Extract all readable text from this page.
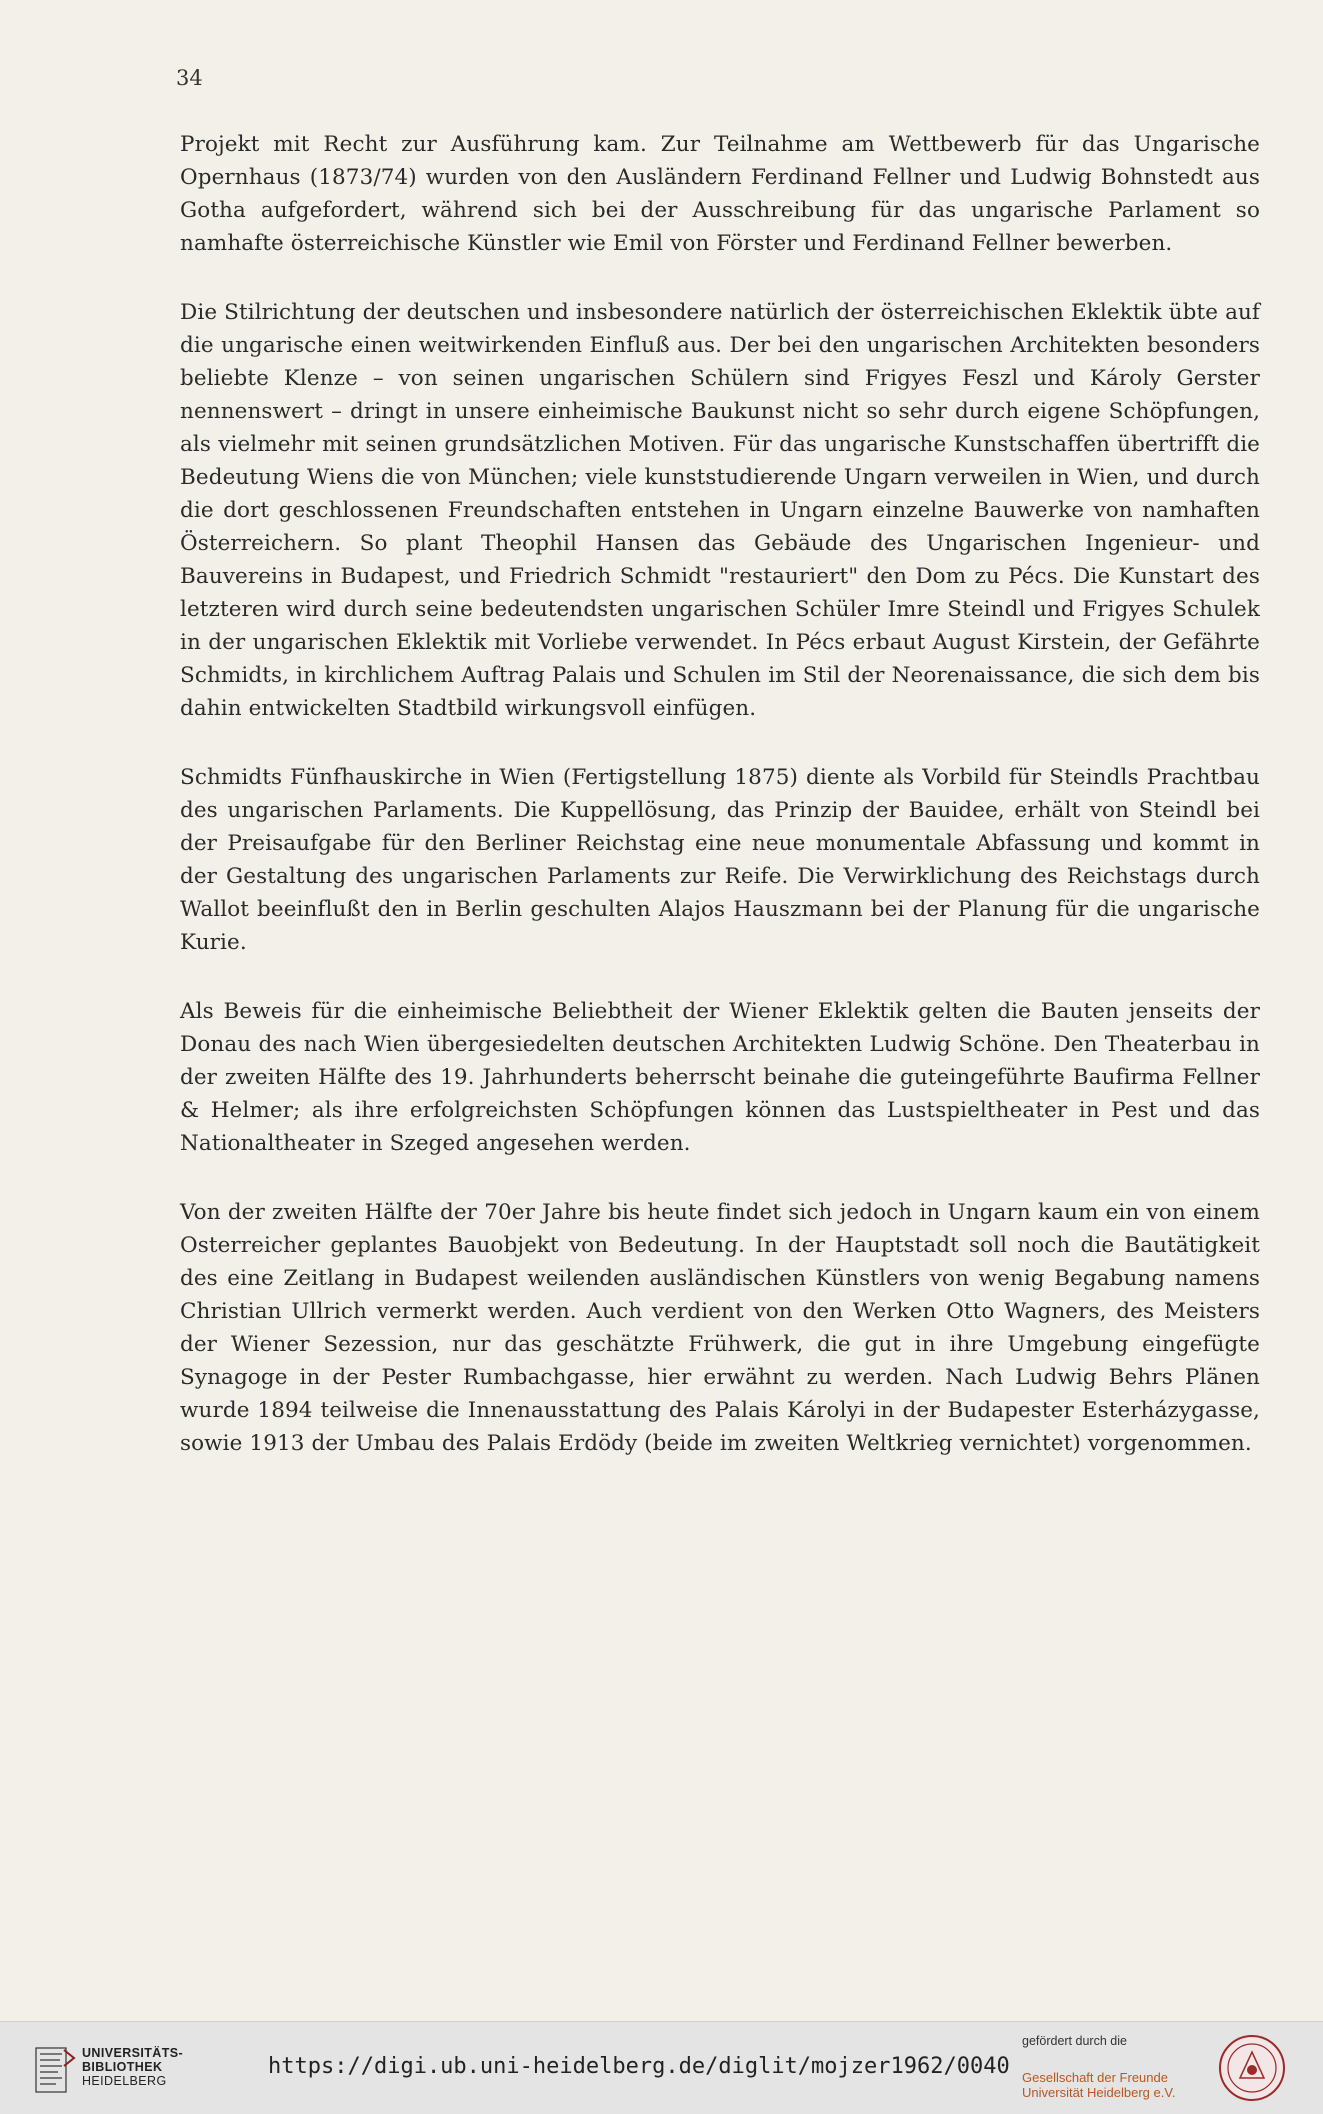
34

Projekt mit Recht zur Ausführung kam. Zur Teilnahme am Wettbewerb für das Ungarische Opernhaus (1873/74) wurden von den Ausländern Ferdinand Fellner und Ludwig Bohnstedt aus Gotha aufgefordert, während sich bei der Ausschreibung für das ungarische Parlament so namhafte österreichische Künstler wie Emil von Förster und Ferdinand Fellner bewerben.

Die Stilrichtung der deutschen und insbesondere natürlich der österreichischen Eklektik übte auf die ungarische einen weitwirkenden Einfluß aus. Der bei den ungarischen Architekten besonders beliebte Klenze – von seinen ungarischen Schülern sind Frigyes Feszl und Károly Gerster nennenswert – dringt in unsere einheimische Baukunst nicht so sehr durch eigene Schöpfungen, als vielmehr mit seinen grundsätzlichen Motiven. Für das ungarische Kunstschaffen übertrifft die Bedeutung Wiens die von München; viele kunststudierende Ungarn verweilen in Wien, und durch die dort geschlossenen Freundschaften entstehen in Ungarn einzelne Bauwerke von namhaften Österreichern. So plant Theophil Hansen das Gebäude des Ungarischen Ingenieur- und Bauvereins in Budapest, und Friedrich Schmidt "restauriert" den Dom zu Pécs. Die Kunstart des letzteren wird durch seine bedeutendsten ungarischen Schüler Imre Steindl und Frigyes Schulek in der ungarischen Eklektik mit Vorliebe verwendet. In Pécs erbaut August Kirstein, der Gefährte Schmidts, in kirchlichem Auftrag Palais und Schulen im Stil der Neorenaissance, die sich dem bis dahin entwickelten Stadtbild wirkungsvoll einfügen.

Schmidts Fünfhauskirche in Wien (Fertigstellung 1875) diente als Vorbild für Steindls Prachtbau des ungarischen Parlaments. Die Kuppellösung, das Prinzip der Bauidee, erhält von Steindl bei der Preisaufgabe für den Berliner Reichstag eine neue monumentale Abfassung und kommt in der Gestaltung des ungarischen Parlaments zur Reife. Die Verwirklichung des Reichstags durch Wallot beeinflußt den in Berlin geschulten Alajos Hauszmann bei der Planung für die ungarische Kurie.

Als Beweis für die einheimische Beliebtheit der Wiener Eklektik gelten die Bauten jenseits der Donau des nach Wien übergesiedelten deutschen Architekten Ludwig Schöne. Den Theaterbau in der zweiten Hälfte des 19. Jahrhunderts beherrscht beinahe die guteingeführte Baufirma Fellner & Helmer; als ihre erfolgreichsten Schöpfungen können das Lustspieltheater in Pest und das Nationaltheater in Szeged angesehen werden.

Von der zweiten Hälfte der 70er Jahre bis heute findet sich jedoch in Ungarn kaum ein von einem Osterreicher geplantes Bauobjekt von Bedeutung. In der Hauptstadt soll noch die Bautätigkeit des eine Zeitlang in Budapest weilenden ausländischen Künstlers von wenig Begabung namens Christian Ullrich vermerkt werden. Auch verdient von den Werken Otto Wagners, des Meisters der Wiener Sezession, nur das geschätzte Frühwerk, die gut in ihre Umgebung eingefügte Synagoge in der Pester Rumbachgasse, hier erwähnt zu werden. Nach Ludwig Behrs Plänen wurde 1894 teilweise die Innenausstattung des Palais Károlyi in der Budapester Esterházygasse, sowie 1913 der Umbau des Palais Erdödy (beide im zweiten Weltkrieg vernichtet) vorgenommen.

UNIVERSITÄTS-
BIBLIOTHEK
HEIDELBERG
https://digi.ub.uni-heidelberg.de/diglit/mojzer1962/0040
gefördert durch die
Gesellschaft der Freunde
Universität Heidelberg e.V.
